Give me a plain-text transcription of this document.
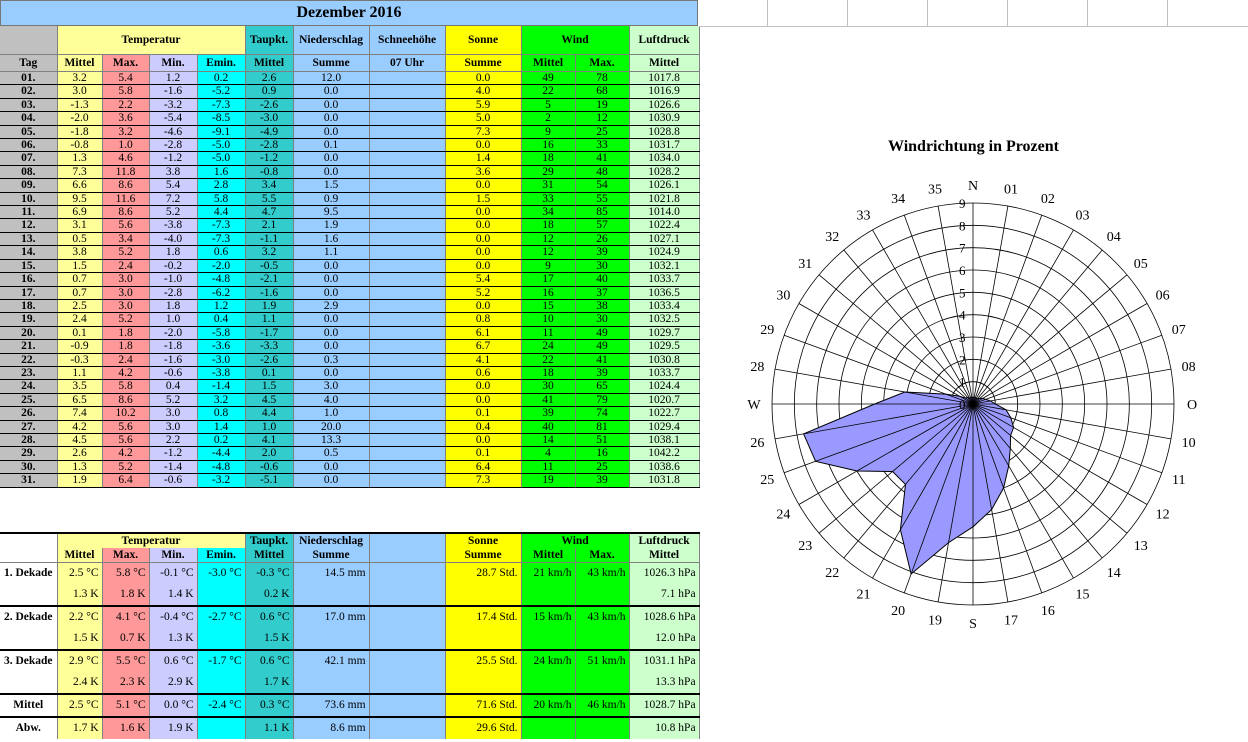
Dezember 2016
	Temperatur				Taupkt.	Niederschlag	Schneehöhe	Sonne	Wind		Luftdruck
Tag	Mittel	Max.	Min.	Emin.	Mittel	Summe	07 Uhr	Summe	Mittel	Max.	Mittel
01.	3.2	5.4	1.2	0.2	2.6	12.0		0.0	49	78	1017.8
02.	3.0	5.8	-1.6	-5.2	0.9	0.0		4.0	22	68	1016.9
03.	-1.3	2.2	-3.2	-7.3	-2.6	0.0		5.9	5	19	1026.6
04.	-2.0	3.6	-5.4	-8.5	-3.0	0.0		5.0	2	12	1030.9
05.	-1.8	3.2	-4.6	-9.1	-4.9	0.0		7.3	9	25	1028.8
06.	-0.8	1.0	-2.8	-5.0	-2.8	0.1		0.0	16	33	1031.7
07.	1.3	4.6	-1.2	-5.0	-1.2	0.0		1.4	18	41	1034.0
08.	7.3	11.8	3.8	1.6	-0.8	0.0		3.6	29	48	1028.2
09.	6.6	8.6	5.4	2.8	3.4	1.5		0.0	31	54	1026.1
10.	9.5	11.6	7.2	5.8	5.5	0.9		1.5	33	55	1021.8
11.	6.9	8.6	5.2	4.4	4.7	9.5		0.0	34	85	1014.0
12.	3.1	5.6	-3.8	-7.3	2.1	1.9		0.0	18	57	1022.4
13.	0.5	3.4	-4.0	-7.3	-1.1	1.6		0.0	12	26	1027.1
14.	3.8	5.2	1.8	0.6	3.2	1.1		0.0	12	39	1024.9
15.	1.5	2.4	-0.2	-2.0	-0.5	0.0		0.0	9	30	1032.1
16.	0.7	3.0	-1.0	-4.8	-2.1	0.0		5.4	17	40	1033.7
17.	0.7	3.0	-2.8	-6.2	-1.6	0.0		5.2	16	37	1036.5
18.	2.5	3.0	1.8	1.2	1.9	2.9		0.0	15	38	1033.4
19.	2.4	5.2	1.0	0.4	1.1	0.0		0.8	10	30	1032.5
20.	0.1	1.8	-2.0	-5.8	-1.7	0.0		6.1	11	49	1029.7
21.	-0.9	1.8	-1.8	-3.6	-3.3	0.0		6.7	24	49	1029.5
22.	-0.3	2.4	-1.6	-3.0	-2.6	0.3		4.1	22	41	1030.8
23.	1.1	4.2	-0.6	-3.8	0.1	0.0		0.6	18	39	1033.7
24.	3.5	5.8	0.4	-1.4	1.5	3.0		0.0	30	65	1024.4
25.	6.5	8.6	5.2	3.2	4.5	4.0		0.0	41	79	1020.7
26.	7.4	10.2	3.0	0.8	4.4	1.0		0.1	39	74	1022.7
27.	4.2	5.6	3.0	1.4	1.0	20.0		0.4	40	81	1029.4
28.	4.5	5.6	2.2	0.2	4.1	13.3		0.0	14	51	1038.1
29.	2.6	4.2	-1.2	-4.4	2.0	0.5		0.1	4	16	1042.2
30.	1.3	5.2	-1.4	-4.8	-0.6	0.0		6.4	11	25	1038.6
31.	1.9	6.4	-0.6	-3.2	-5.1	0.0		7.3	19	39	1031.8
	Temperatur				Taupkt.	Niederschlag		Sonne	Wind		Luftdruck
	Mittel	Max.	Min.	Emin.	Mittel	Summe		Summe	Mittel	Max.	Mittel
1. Dekade	2.5 °C	5.8 °C	-0.1 °C	-3.0 °C	-0.3 °C	14.5 mm		28.7 Std.	21 km/h	43 km/h	1026.3 hPa
	1.3 K	1.8 K	1.4 K		0.2 K						7.1 hPa
2. Dekade	2.2 °C	4.1 °C	-0.4 °C	-2.7 °C	0.6 °C	17.0 mm		17.4 Std.	15 km/h	43 km/h	1028.6 hPa
	1.5 K	0.7 K	1.3 K		1.5 K						12.0 hPa
3. Dekade	2.9 °C	5.5 °C	0.6 °C	-1.7 °C	0.6 °C	42.1 mm		25.5 Std.	24 km/h	51 km/h	1031.1 hPa
	2.4 K	2.3 K	2.9 K		1.7 K						13.3 hPa
Mittel	2.5 °C	5.1 °C	0.0 °C	-2.4 °C	0.3 °C	73.6 mm		71.6 Std.	20 km/h	46 km/h	1028.7 hPa
Abw.	1.7 K	1.6 K	1.9 K		1.1 K	8.6 mm		29.6 Std.			10.8 hPa
Windrichtung in Prozent
0
1
2
3
4
5
6
7
8
9
N 01
02
03
04
05
06
07
08
O
10
11
12
13
14
15
16
17
S
19
20
21
22
23
24
25
26
W
28
29
30
31
32
33
34
35
